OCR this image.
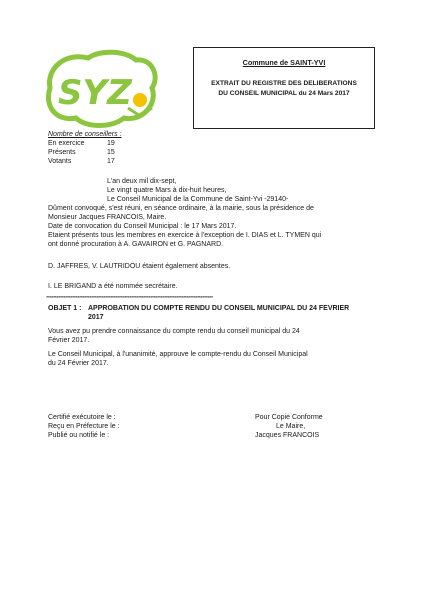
SYZ
Commune de SAINT-YVI
EXTRAIT DU REGISTRE DES DELIBERATIONS
DU CONSEIL MUNICIPAL du 24 Mars 2017
Nombre de conseillers :
En exercice	19
Présents	15
Votants	17
L'an deux mil dix-sept,
Le vingt quatre Mars à dix-huit heures,
Le Conseil Municipal de la Commune de Saint-Yvi -29140-
Dûment convoqué, s'est réuni, en séance ordinaire, à la mairie, sous la présidence de
Monsieur Jacques FRANCOIS, Maire.
Date de convocation du Conseil Municipal : le 17 Mars 2017.
Etaient présents tous les membres en exercice à l'exception de I. DIAS et L. TYMEN qui
ont donné procuration à A. GAVAIRON et G. PAGNARD.
D. JAFFRES, V. LAUTRIDOU étaient également absentes.
I. LE BRIGAND a été nommée secrétaire.
************************************************************************************************
OBJET 1 : APPROBATION DU COMPTE RENDU DU CONSEIL MUNICIPAL DU 24 FEVRIER
2017
Vous avez pu prendre connaissance du compte rendu du conseil municipal du 24
Février 2017.
Le Conseil Municipal, à l'unanimité, approuve le compte-rendu du Conseil Municipal
du 24 Février 2017.
Certifié exécutoire le :
Reçu en Préfecture le :
Publié ou notifié le :
Pour Copie Conforme
Le Maire,
Jacques FRANCOIS
